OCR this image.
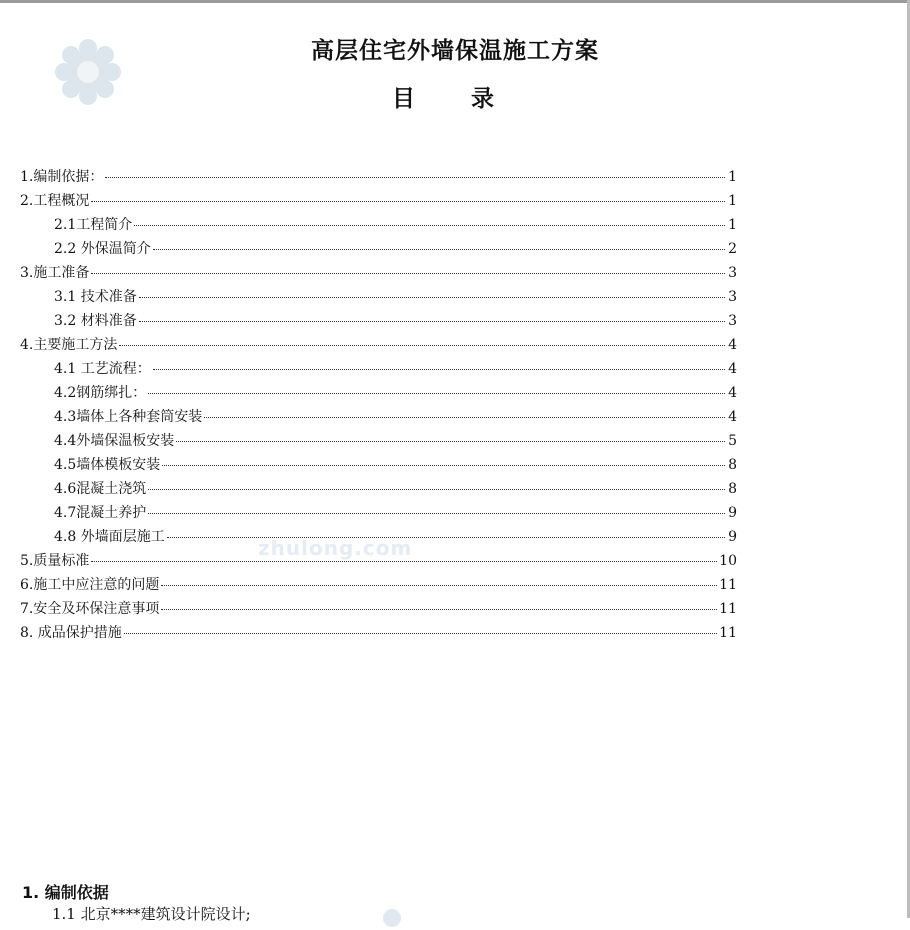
高层住宅外墙保温施工方案
目 录
1. 编制依据：	1
2. 工程概况	1
2.1 工程简介	1
2.2 外保温简介	2
3. 施工准备	3
3.1 技术准备	3
3.2 材料准备	3
4. 主要施工方法	4
4.1 工艺流程：	4
4.2 钢筋绑扎：	4
4.3 墙体上各种套筒安装	4
4.4 外墙保温板安装	5
4.5 墙体模板安装	8
4.6 混凝土浇筑	8
4.7 混凝土养护	9
4.8 外墙面层施工	9
5. 质量标准	10
6. 施工中应注意的问题	11
7. 安全及环保注意事项	11
8. 成品保护措施	11
zhulong.com
1. 编制依据
1.1 北京****建筑设计院设计;
